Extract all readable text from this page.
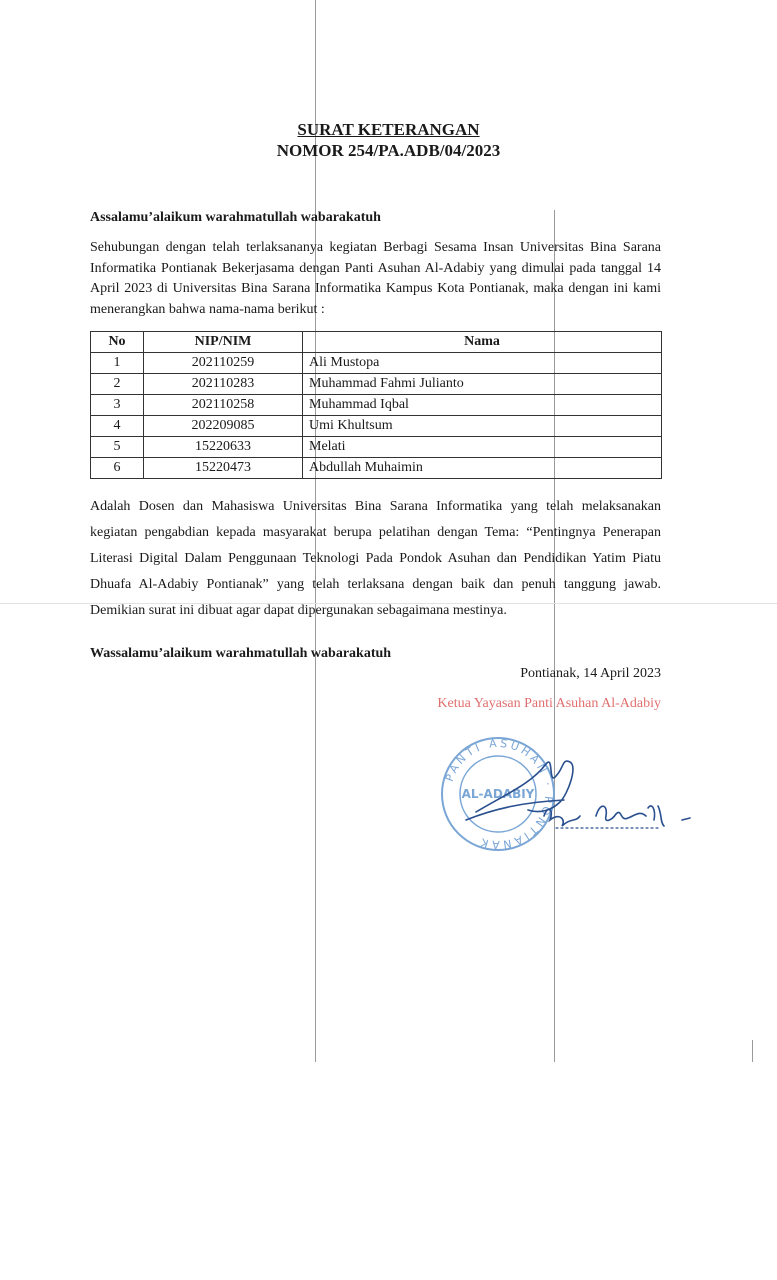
SURAT KETERANGAN
NOMOR 254/PA.ADB/04/2023
Assalamu’alaikum warahmatullah wabarakatuh
Sehubungan dengan telah terlaksananya kegiatan Berbagi Sesama Insan Universitas Bina Sarana Informatika Pontianak Bekerjasama dengan Panti Asuhan Al-Adabiy yang dimulai pada tanggal 14 April 2023 di Universitas Bina Sarana Informatika Kampus Kota Pontianak, maka dengan ini kami menerangkan bahwa nama-nama berikut :
No	NIP/NIM	Nama
1	202110259	Ali Mustopa
2	202110283	Muhammad Fahmi Julianto
3	202110258	Muhammad Iqbal
4	202209085	Umi Khultsum
5	15220633	Melati
6	15220473	Abdullah Muhaimin
Adalah Dosen dan Mahasiswa Universitas Bina Sarana Informatika yang telah melaksanakan kegiatan pengabdian kepada masyarakat berupa pelatihan dengan Tema: “Pentingnya Penerapan Literasi Digital Dalam Penggunaan Teknologi Pada Pondok Asuhan dan Pendidikan Yatim Piatu Dhuafa Al-Adabiy Pontianak” yang telah terlaksana dengan baik dan penuh tanggung jawab. Demikian surat ini dibuat agar dapat dipergunakan sebagaimana mestinya.
Wassalamu’alaikum warahmatullah wabarakatuh
Pontianak, 14 April 2023
Ketua Yayasan Panti Asuhan Al-Adabiy
PANTI ASUHAN · PONTIANAK
AL-ADABIY
